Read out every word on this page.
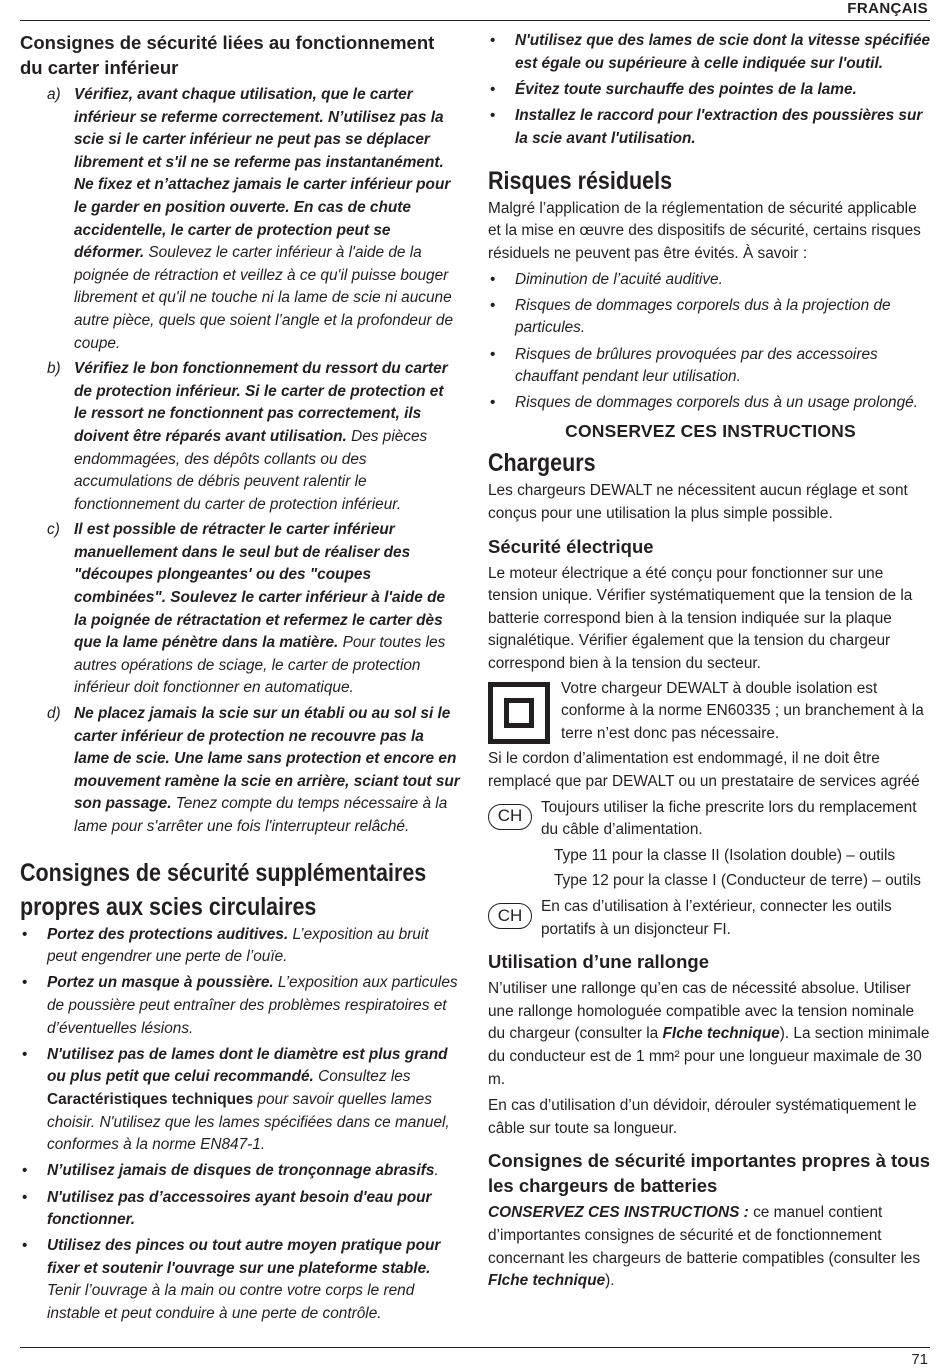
FRANÇAIS
Consignes de sécurité liées au fonctionnement du carter inférieur
a) Vérifiez, avant chaque utilisation, que le carter inférieur se referme correctement. N’utilisez pas la scie si le carter inférieur ne peut pas se déplacer librement et s'il ne se referme pas instantanément. Ne fixez et n’attachez jamais le carter inférieur pour le garder en position ouverte. En cas de chute accidentelle, le carter de protection peut se déformer. Soulevez le carter inférieur à l'aide de la poignée de rétraction et veillez à ce qu'il puisse bouger librement et qu'il ne touche ni la lame de scie ni aucune autre pièce, quels que soient l’angle et la profondeur de coupe.
b) Vérifiez le bon fonctionnement du ressort du carter de protection inférieur. Si le carter de protection et le ressort ne fonctionnent pas correctement, ils doivent être réparés avant utilisation. Des pièces endommagées, des dépôts collants ou des accumulations de débris peuvent ralentir le fonctionnement du carter de protection inférieur.
c) Il est possible de rétracter le carter inférieur manuellement dans le seul but de réaliser des "découpes plongeantes' ou des "coupes combinées". Soulevez le carter inférieur à l'aide de la poignée de rétractation et refermez le carter dès que la lame pénètre dans la matière. Pour toutes les autres opérations de sciage, le carter de protection inférieur doit fonctionner en automatique.
d) Ne placez jamais la scie sur un établi ou au sol si le carter inférieur de protection ne recouvre pas la lame de scie. Une lame sans protection et encore en mouvement ramène la scie en arrière, sciant tout sur son passage. Tenez compte du temps nécessaire à la lame pour s'arrêter une fois l'interrupteur relâché.
Consignes de sécurité supplémentaires
propres aux scies circulaires
• Portez des protections auditives. L’exposition au bruit peut engendrer une perte de l’ouïe.
• Portez un masque à poussière. L’exposition aux particules de poussière peut entraîner des problèmes respiratoires et d’éventuelles lésions.
• N'utilisez pas de lames dont le diamètre est plus grand ou plus petit que celui recommandé. Consultez les Caractéristiques techniques pour savoir quelles lames choisir. N'utilisez que les lames spécifiées dans ce manuel, conformes à la norme EN847-1.
• N’utilisez jamais de disques de tronçonnage abrasifs.
• N'utilisez pas d’accessoires ayant besoin d'eau pour fonctionner.
• Utilisez des pinces ou tout autre moyen pratique pour fixer et soutenir l'ouvrage sur une plateforme stable. Tenir l’ouvrage à la main ou contre votre corps le rend instable et peut conduire à une perte de contrôle.
• N'utilisez que des lames de scie dont la vitesse spécifiée est égale ou supérieure à celle indiquée sur l'outil.
• Évitez toute surchauffe des pointes de la lame.
• Installez le raccord pour l'extraction des poussières sur la scie avant l'utilisation.
Risques résiduels

Malgré l’application de la réglementation de sécurité applicable et la mise en œuvre des dispositifs de sécurité, certains risques résiduels ne peuvent pas être évités. À savoir :

• Diminution de l’acuité auditive.
• Risques de dommages corporels dus à la projection de particules.
• Risques de brûlures provoquées par des accessoires chauffant pendant leur utilisation.
• Risques de dommages corporels dus à un usage prolongé.
CONSERVEZ CES INSTRUCTIONS
Chargeurs

Les chargeurs DEWALT ne nécessitent aucun réglage et sont conçus pour une utilisation la plus simple possible.

Sécurité électrique

Le moteur électrique a été conçu pour fonctionner sur une tension unique. Vérifier systématiquement que la tension de la batterie correspond bien à la tension indiquée sur la plaque signalétique. Vérifier également que la tension du chargeur correspond bien à la tension du secteur.

Votre chargeur DEWALT à double isolation est conforme à la norme EN60335 ; un branchement à la terre n’est donc pas nécessaire.

Si le cordon d’alimentation est endommagé, il ne doit être remplacé que par DEWALT ou un prestataire de services agréé

CH	Toujours utiliser la fiche prescrite lors du remplacement du câble d’alimentation.

Type 11 pour la classe II (Isolation double) – outils

Type 12 pour la classe I (Conducteur de terre) – outils

CH	En cas d’utilisation à l’extérieur, connecter les outils portatifs à un disjoncteur FI.

Utilisation d’une rallonge

N’utiliser une rallonge qu’en cas de nécessité absolue. Utiliser une rallonge homologuée compatible avec la tension nominale du chargeur (consulter la FIche technique). La section minimale du conducteur est de 1 mm² pour une longueur maximale de 30 m.

En cas d’utilisation d’un dévidoir, dérouler systématiquement le câble sur toute sa longueur.

Consignes de sécurité importantes propres à tous les chargeurs de batteries

CONSERVEZ CES INSTRUCTIONS : ce manuel contient d’importantes consignes de sécurité et de fonctionnement concernant les chargeurs de batterie compatibles (consulter les FIche technique).

71
